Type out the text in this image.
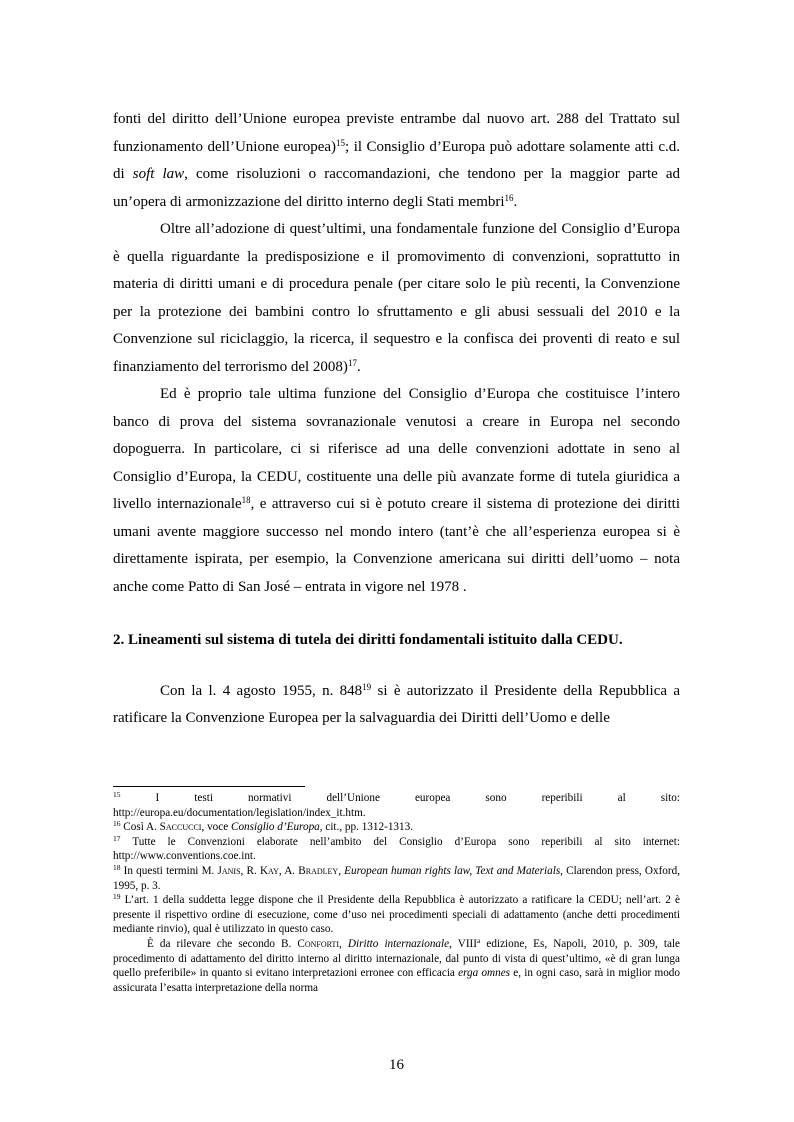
fonti del diritto dell’Unione europea previste entrambe dal nuovo art. 288 del Trattato sul funzionamento dell’Unione europea)$^{15}$; il Consiglio d’Europa può adottare solamente atti c.d. di soft law, come risoluzioni o raccomandazioni, che tendono per la maggior parte ad un’opera di armonizzazione del diritto interno degli Stati membri$^{16}$.

Oltre all’adozione di quest’ultimi, una fondamentale funzione del Consiglio d’Europa è quella riguardante la predisposizione e il promovimento di convenzioni, soprattutto in materia di diritti umani e di procedura penale (per citare solo le più recenti, la Convenzione per la protezione dei bambini contro lo sfruttamento e gli abusi sessuali del 2010 e la Convenzione sul riciclaggio, la ricerca, il sequestro e la confisca dei proventi di reato e sul finanziamento del terrorismo del 2008)$^{17}$.

Ed è proprio tale ultima funzione del Consiglio d’Europa che costituisce l’intero banco di prova del sistema sovranazionale venutosi a creare in Europa nel secondo dopoguerra. In particolare, ci si riferisce ad una delle convenzioni adottate in seno al Consiglio d’Europa, la CEDU, costituente una delle più avanzate forme di tutela giuridica a livello internazionale$^{18}$, e attraverso cui si è potuto creare il sistema di protezione dei diritti umani avente maggiore successo nel mondo intero (tant’è che all’esperienza europea si è direttamente ispirata, per esempio, la Convenzione americana sui diritti dell’uomo – nota anche come Patto di San José – entrata in vigore nel 1978 .

2. Lineamenti sul sistema di tutela dei diritti fondamentali istituito dalla CEDU.

Con la l. 4 agosto 1955, n. $848^{19}$ si è autorizzato il Presidente della Repubblica a ratificare la Convenzione Europea per la salvaguardia dei Diritti dell’Uomo e delle

$^{15}$ I testi normativi dell’Unione europea sono reperibili al sito:

http://europa.eu/documentation/legislation/index_it.htm.

$^{16}$ Così A. Saccucci, voce Consiglio d’Europa, cit., pp. 1312-1313.

$^{17}$ Tutte le Convenzioni elaborate nell’ambito del Consiglio d’Europa sono reperibili al sito internet: http://www.conventions.coe.int.

$^{18}$ In questi termini M. Janis, R. Kay, A. Bradley, European human rights law, Text and Materials, Clarendon press, Oxford, 1995, p. 3.

$^{19}$ L’art. 1 della suddetta legge dispone che il Presidente della Repubblica è autorizzato a ratificare la CEDU; nell’art. 2 è presente il rispettivo ordine di esecuzione, come d’uso nei procedimenti speciali di adattamento (anche detti procedimenti mediante rinvio), qual è utilizzato in questo caso.

È da rilevare che secondo B. Conforti, Diritto internazionale, VIII$^a$ edizione, Es, Napoli, 2010, p. 309, tale procedimento di adattamento del diritto interno al diritto internazionale, dal punto di vista di quest’ultimo, «è di gran lunga quello preferibile» in quanto si evitano interpretazioni erronee con efficacia erga omnes e, in ogni caso, sarà in miglior modo assicurata l’esatta interpretazione della norma

16
